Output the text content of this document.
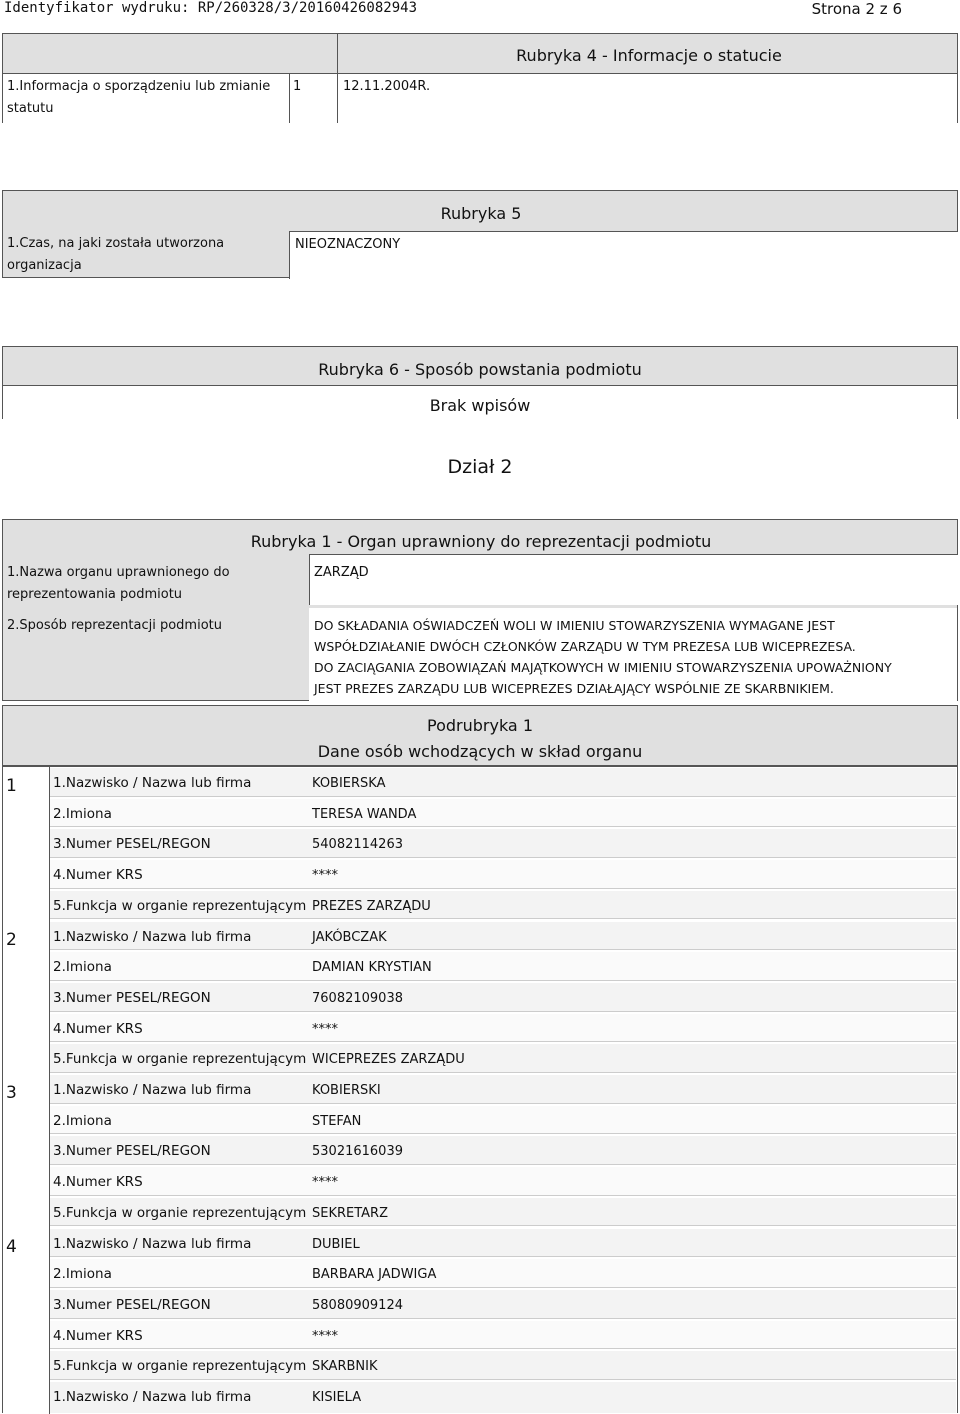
Identyfikator wydruku: RP/260328/3/20160426082943	Strona 2 z 6
Rubryka 4 - Informacje o statucie
1.Informacja o sporządzeniu lub zmianie
statutu
1	12.11.2004R.
Rubryka 5
1.Czas, na jaki została utworzona
organizacja
NIEOZNACZONY
Rubryka 6 - Sposób powstania podmiotu
Brak wpisów
Dział 2
Rubryka 1 - Organ uprawniony do reprezentacji podmiotu
1.Nazwa organu uprawnionego do
reprezentowania podmiotu
ZARZĄD
2.Sposób reprezentacji podmiotu	DO SKŁADANIA OŚWIADCZEŃ WOLI W IMIENIU STOWARZYSZENIA WYMAGANE JEST
WSPÓŁDZIAŁANIE DWÓCH CZŁONKÓW ZARZĄDU W TYM PREZESA LUB WICEPREZESA.
DO ZACIĄGANIA ZOBOWIĄZAŃ MAJĄTKOWYCH W IMIENIU STOWARZYSZENIA UPOWAŻNIONY
JEST PREZES ZARZĄDU LUB WICEPREZES DZIAŁAJĄCY WSPÓLNIE ZE SKARBNIKIEM.
Podrubryka 1
Dane osób wchodzących w skład organu
1	1.Nazwisko / Nazwa lub firma	KOBIERSKA
2.Imiona	TERESA WANDA
3.Numer PESEL/REGON	54082114263
4.Numer KRS	****
5.Funkcja w organie reprezentującym PREZES ZARZĄDU
2	1.Nazwisko / Nazwa lub firma	JAKÓBCZAK
2.Imiona	DAMIAN KRYSTIAN
3.Numer PESEL/REGON	76082109038
4.Numer KRS	****
5.Funkcja w organie reprezentującym WICEPREZES ZARZĄDU
3	1.Nazwisko / Nazwa lub firma	KOBIERSKI
2.Imiona	STEFAN
3.Numer PESEL/REGON	53021616039
4.Numer KRS	****
5.Funkcja w organie reprezentującym SEKRETARZ
4	1.Nazwisko / Nazwa lub firma	DUBIEL
2.Imiona	BARBARA JADWIGA
3.Numer PESEL/REGON	58080909124
4.Numer KRS	****
5.Funkcja w organie reprezentującym SKARBNIK
1.Nazwisko / Nazwa lub firma	KISIELA
